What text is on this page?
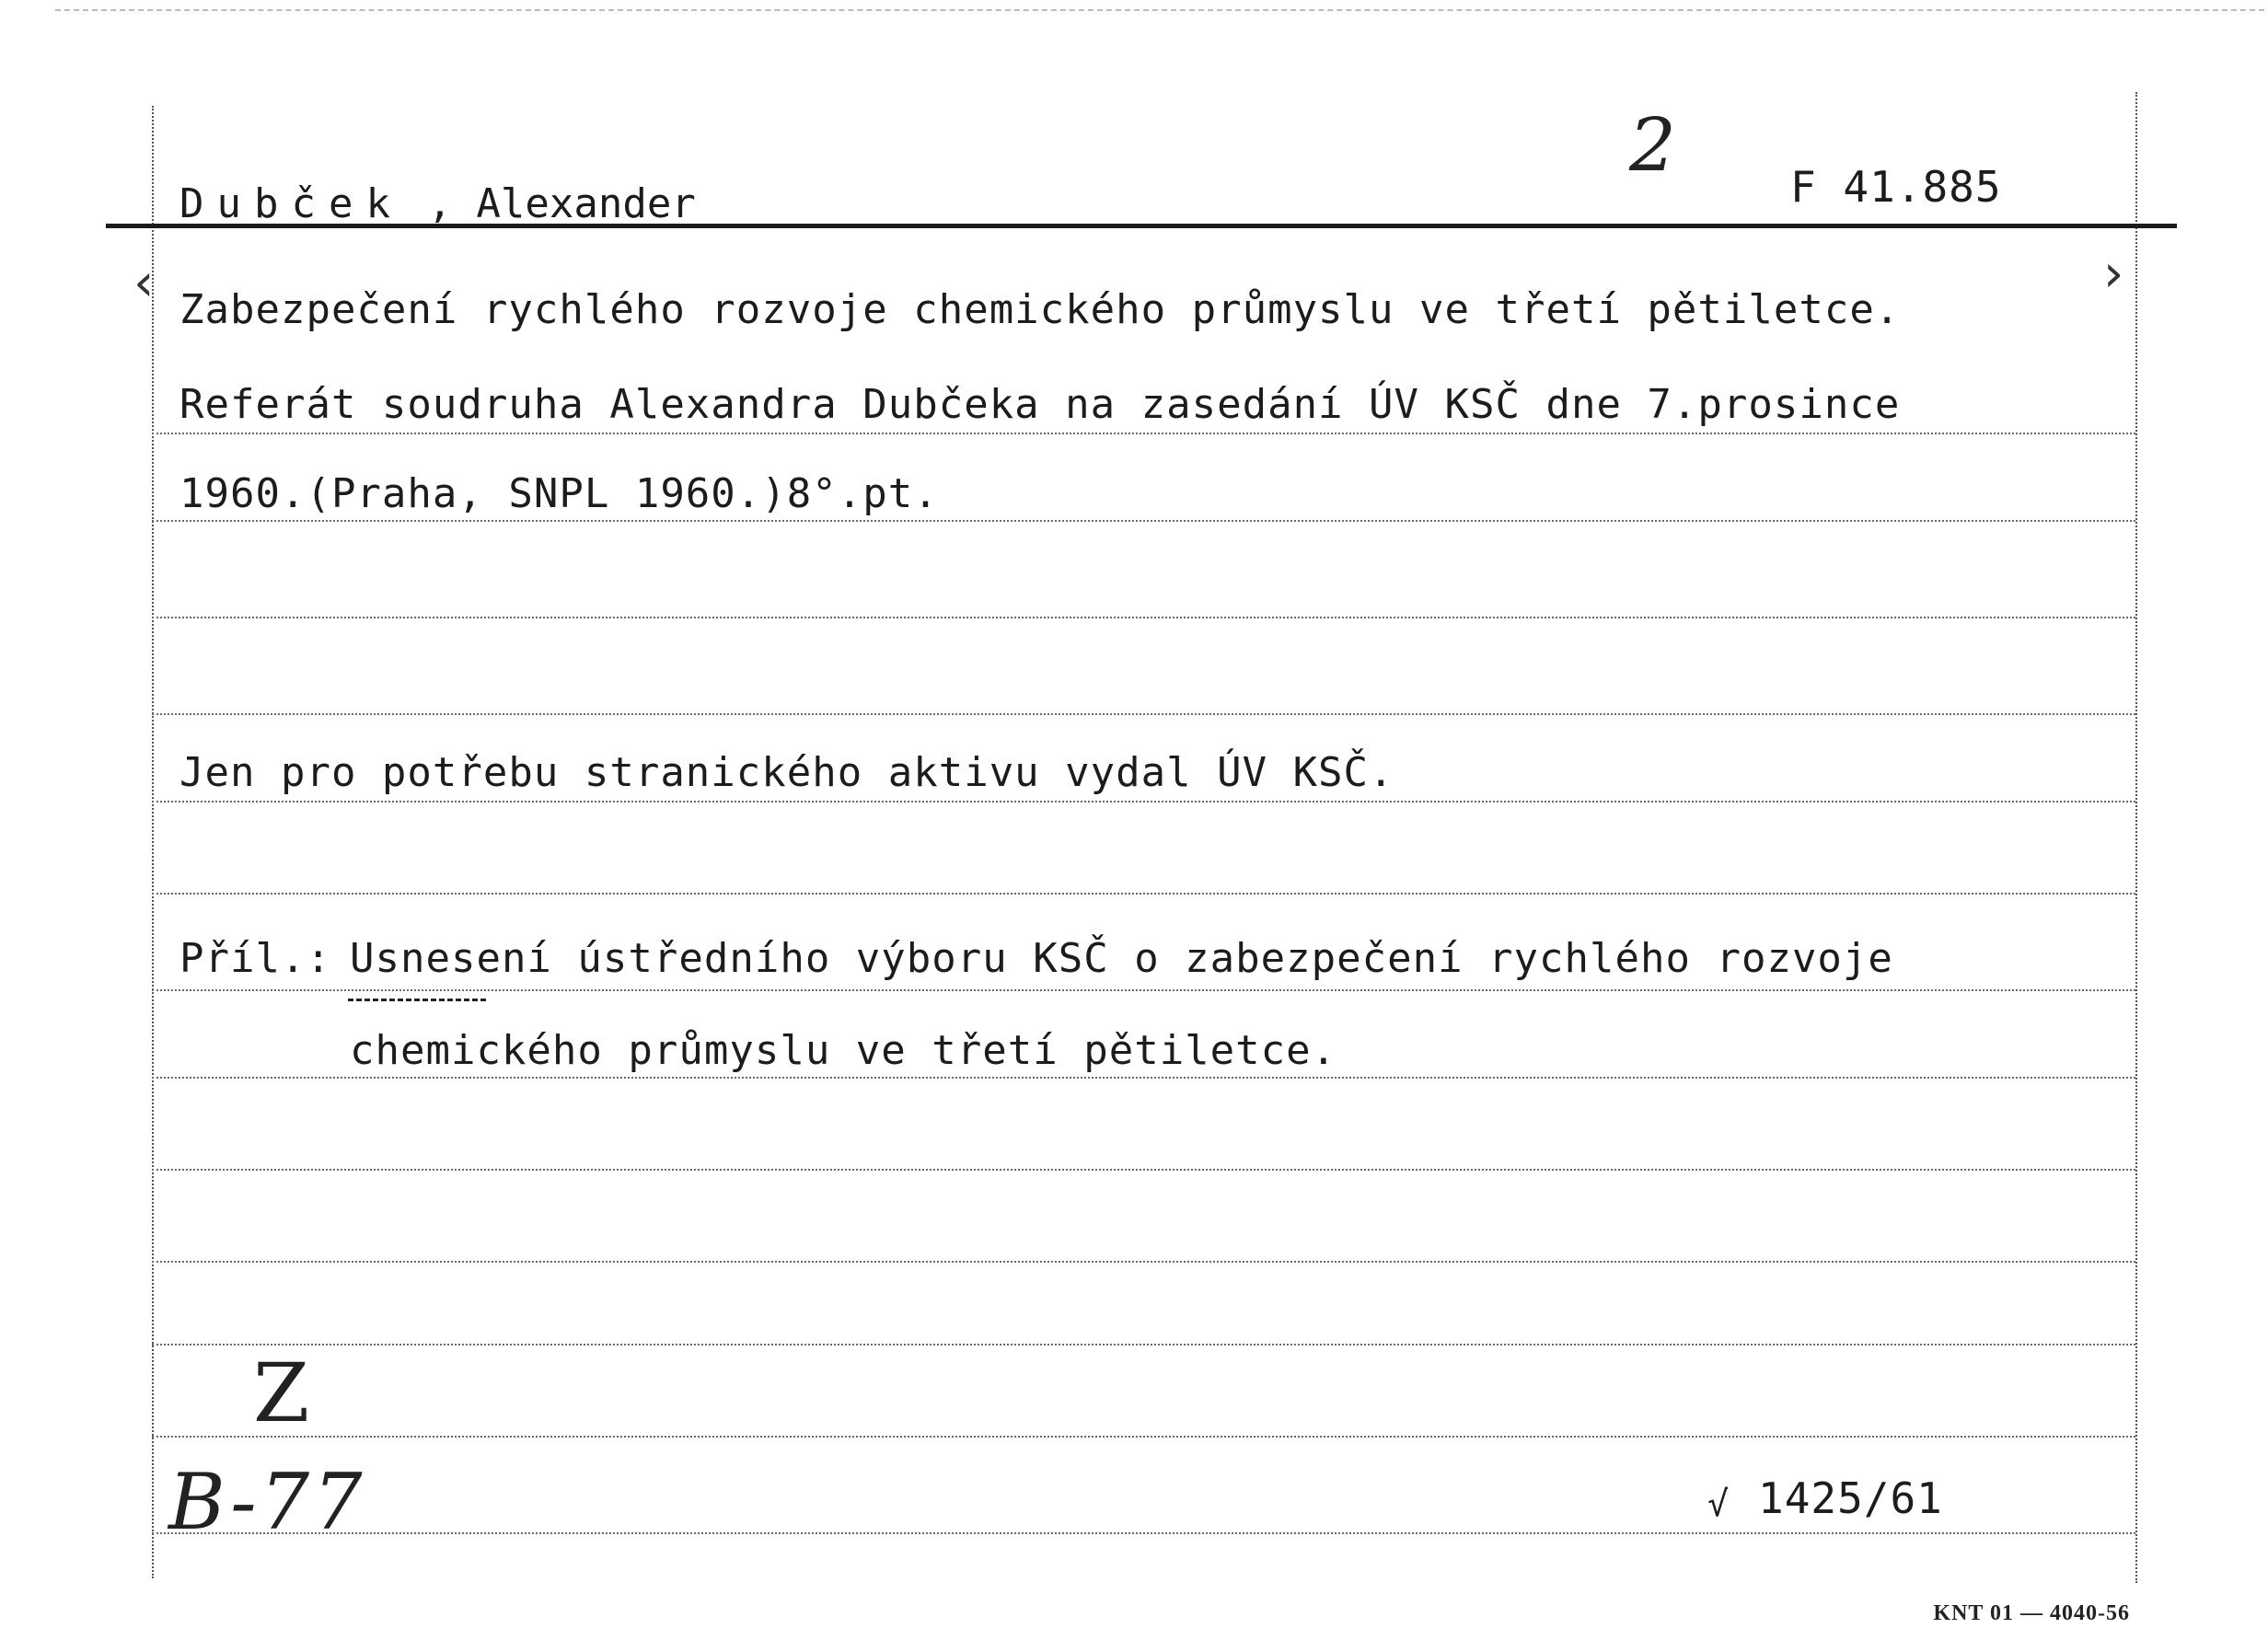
Dubček , Alexander
2	F 41.885
‹ Zabezpečení rychlého rozvoje chemického průmyslu ve třetí pětiletce.
›
Referát soudruha Alexandra Dubčeka na zasedání ÚV KSČ dne 7.prosince
1960.(Praha, SNPL 1960.)8°.pt.
Jen pro potřebu stranického aktivu vydal ÚV KSČ.
Příl.: Usnesení ústředního výboru KSČ o zabezpečení rychlého rozvoje
chemického průmyslu ve třetí pětiletce.
Z
B-77	√ 1425/61
KNT 01 — 4040-56
